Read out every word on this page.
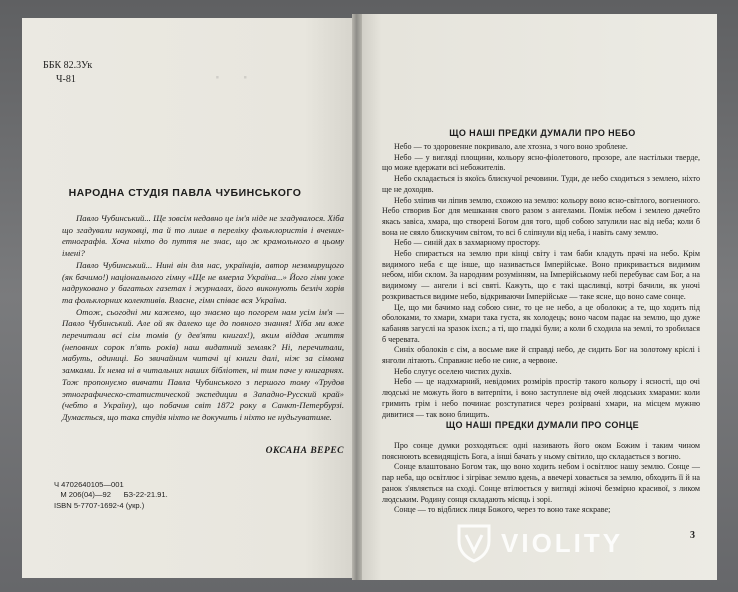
·   ·
ББК 82.3Ук
Ч-81
НАРОДНА СТУДІЯ ПАВЛА ЧУБИНСЬКОГО

Павло Чубинський... Ще зовсім недавно це ім'я ніде не згадувалося. Хіба що згадували науковці, та й то лише в переліку фольклористів і вчених-етнографів. Хоча ніхто до пуття не знає, що ж крамольного в цьому імені?

Павло Чубинський... Нині він для нас, українців, автор незвмирущого (як бачимо!) національного гімну «Ще не вмерла Україна...» Його гімн уже надруковано у багатьох газетах і журналах, його виконують безліч хорів та фольклорних колективів. Власне, гімн співає вся Україна.

Отож, сьогодні ми кажемо, що знаємо що погорем нам усім ім'я — Павло Чубинський. Але ой як далеко ще до повного знання! Хіба ми вже перечитали всі сім томів (у дев'яти книгах!), яким віддав життя (неповних сорок п'ять років) наш видатний земляк? Ні, перечитали, мабуть, одиниці. Бо звичайним читачі ці книги далі, ніж за сімома замками. Їх нема ні в читальних наших бібліотек, ні тим паче у книгарнях. Тож пропонуємо вивчати Павла Чубинського з першого тому «Трудов этнографическо-статистической экспедиции в Западно-Русский край» (чебто в Україну), що побачив світ 1872 року в Санкт-Петербурзі. Думається, що така студія ніхто не докучить і ніхто не нудьгуватиме.

ОКСАНА ВЕРЕС
Ч 4702640105—001
М 206(04)—92      БЗ-22-21.91.
ISBN 5-7707-1692-4 (укр.)
ЩО НАШІ ПРЕДКИ ДУМАЛИ ПРО НЕБО

Небо — то здоровенне покривало, але хтозна, з чого воно зроблене.

Небо — у вигляді площини, кольору ясно-фіолетового, прозоре, але настільки тверде, що може вдержати всі небожителів.

Небо складається із якоїсь блискучої речовини. Туди, де небо сходиться з землею, ніхто ще не доходив.

Небо зліпив чи ліпив землю, схожою на землю: кольору воно ясно-світлого, вогненного. Небо створив Бог для мешкання свого разом з ангелами. Поміж небом і землею дачебто якась завіса, хмара, що створені Богом для того, щоб собою затулили нас від неба; коли б вона не сяяло блискучим світом, то всі б сліпнули від неба, і навіть саму землю.

Небо — синій дах в захмарному простору.

Небо спирається на землю при кінці світу і там баби кладуть прачі на небо. Крім видимого неба є ще інше, що називається Імперійське. Воно прикривається видимим небом, ніби склом. За народним розумінням, на Імперійському небі перебуває сам Бог, а на видимому — ангели і всі святі. Кажуть, що є такі щасливці, котрі бачили, як уночі розкривається видиме небо, відкриваючи Імперійське — таке ясне, що воно саме сонце.

Це, що ми бачимо над собою синє, то це не небо, а це оболоки; а те, що ходить під оболоками, то хмари, хмари така густа, як холодець; воно часом падає на землю, що дуже кабаняв загуслі на зразок іхсп.; а ті, що гладкі були; а коли б сходила на землі, то зробилася б черевата.

Синіх оболоків є сім, а восьме вже й справді небо, де сидить Бог на золотому кріслі і янголи літають. Справжнє небо не синє, а червоне.

Небо слугує оселею чистих духів.

Небо — це надхмарний, невідомих розмірів простір такого кольору і ясності, що очі людські не можуть його в витерпіти, і воно заступлене від очей людських хмарами: коли гримить грім і небо починає розступатися через розірвані хмари, на місцем мужню дивитися — так воно блищить.

ЩО НАШІ ПРЕДКИ ДУМАЛИ ПРО СОНЦЕ

Про сонце думки розходяться: одні називають його оком Божим і таким чином пояснюють всевидящість Бога, а інші бачать у ньому світило, що складається з вогню.

Сонце влаштовано Богом так, що воно ходить небом і освітлює нашу землю. Сонце — пар неба, що освітлює і зігріває землю вдень, а ввечері ховається за землю, обходить її й на ранок з'являється на сході. Сонце втілюється у вигляді жіночі безмірно красивої, з ликом людським. Родину сонця складають місяць і зорі.

Сонце — то відблиск лиця Божого, через то воно таке яскраве;

3
VIOLITY
